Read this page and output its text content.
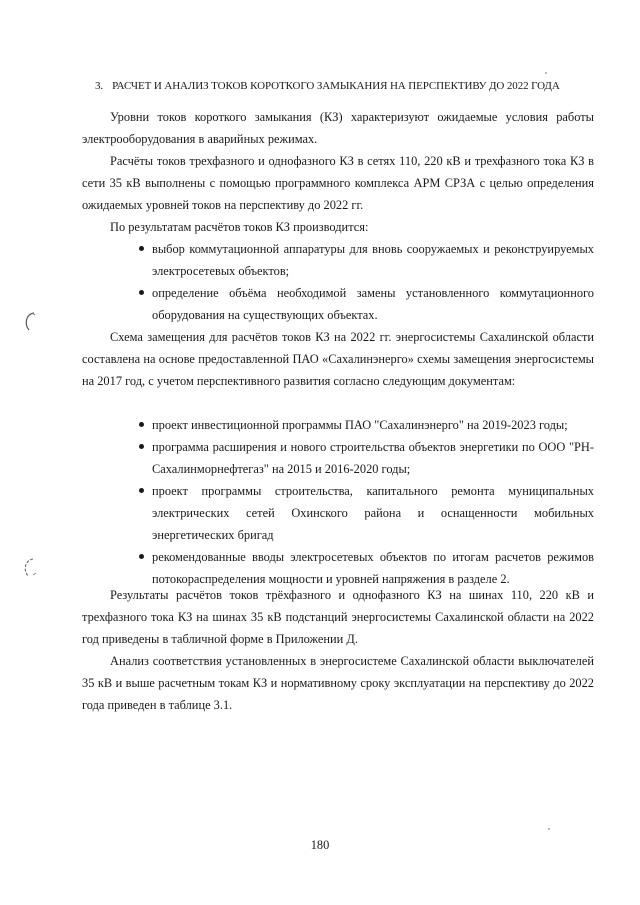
3. РАСЧЕТ И АНАЛИЗ ТОКОВ КОРОТКОГО ЗАМЫКАНИЯ НА ПЕРСПЕКТИВУ ДО 2022 ГОДА
Уровни токов короткого замыкания (КЗ) характеризуют ожидаемые условия работы электрооборудования в аварийных режимах.
Расчёты токов трехфазного и однофазного КЗ в сетях 110, 220 кВ и трехфазного тока КЗ в сети 35 кВ выполнены с помощью программного комплекса АРМ СРЗА с целью определения ожидаемых уровней токов на перспективу до 2022 гг.
По результатам расчётов токов КЗ производится:
выбор коммутационной аппаратуры для вновь сооружаемых и реконструируемых электросетевых объектов;
определение объёма необходимой замены установленного коммутационного оборудования на существующих объектах.
Схема замещения для расчётов токов КЗ на 2022 гг. энергосистемы Сахалинской области составлена на основе предоставленной ПАО «Сахалинэнерго» схемы замещения энергосистемы на 2017 год, с учетом перспективного развития согласно следующим документам:
проект инвестиционной программы ПАО "Сахалинэнерго" на 2019-2023 годы;
программа расширения и нового строительства объектов энергетики по ООО "РН-Сахалинморнефтегаз" на 2015 и 2016-2020 годы;
проект программы строительства, капитального ремонта муниципальных электрических сетей Охинского района и оснащенности мобильных энергетических бригад
рекомендованные вводы электросетевых объектов по итогам расчетов режимов потокораспределения мощности и уровней напряжения в разделе 2.
Результаты расчётов токов трёхфазного и однофазного КЗ на шинах 110, 220 кВ и трехфазного тока КЗ на шинах 35 кВ подстанций энергосистемы Сахалинской области на 2022 год приведены в табличной форме в Приложении Д.
Анализ соответствия установленных в энергосистеме Сахалинской области выключателей 35 кВ и выше расчетным токам КЗ и нормативному сроку эксплуатации на перспективу до 2022 года приведен в таблице 3.1.
180
